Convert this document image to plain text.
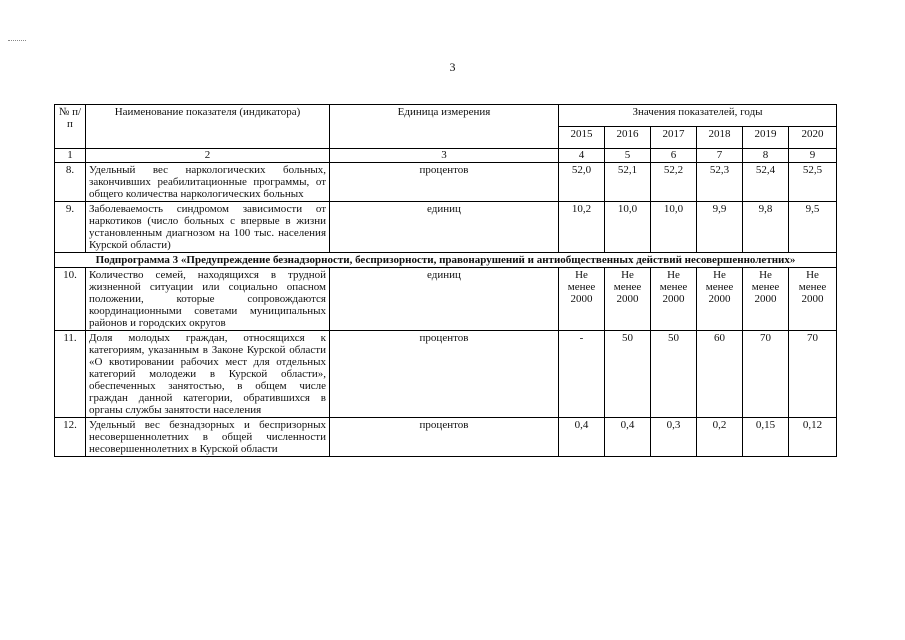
3
№ п/п	Наименование показателя (индикатора)	Единица измерения	Значения показателей, годы					
			2015	2016	2017	2018	2019	2020
1	2	3	4	5	6	7	8	9
8.	Удельный вес наркологических больных, закончивших реабилитационные программы, от общего количества наркологических больных	процентов	52,0	52,1	52,2	52,3	52,4	52,5
9.	Заболеваемость синдромом зависимости от наркотиков (число больных с впервые в жизни установленным диагнозом на 100 тыс. населения Курской области)	единиц	10,2	10,0	10,0	9,9	9,8	9,5
Подпрограмма 3 «Предупреждение безнадзорности, беспризорности, правонарушений и антиобщественных действий несовершеннолетних»								
10.	Количество семей, находящихся в трудной жизненной ситуации или социально опасном положении, которые сопровождаются координационными советами муниципальных районов и городских округов	единиц	Не менее 2000	Не менее 2000	Не менее 2000	Не менее 2000	Не менее 2000	Не менее 2000
11.	Доля молодых граждан, относящихся к категориям, указанным в Законе Курской области «О квотировании рабочих мест для отдельных категорий молодежи в Курской области», обеспеченных занятостью, в общем числе граждан данной категории, обратившихся в органы службы занятости населения	процентов	-	50	50	60	70	70
12.	Удельный вес безнадзорных и беспризорных несовершеннолетних в общей численности несовершеннолетних в Курской области	процентов	0,4	0,4	0,3	0,2	0,15	0,12
